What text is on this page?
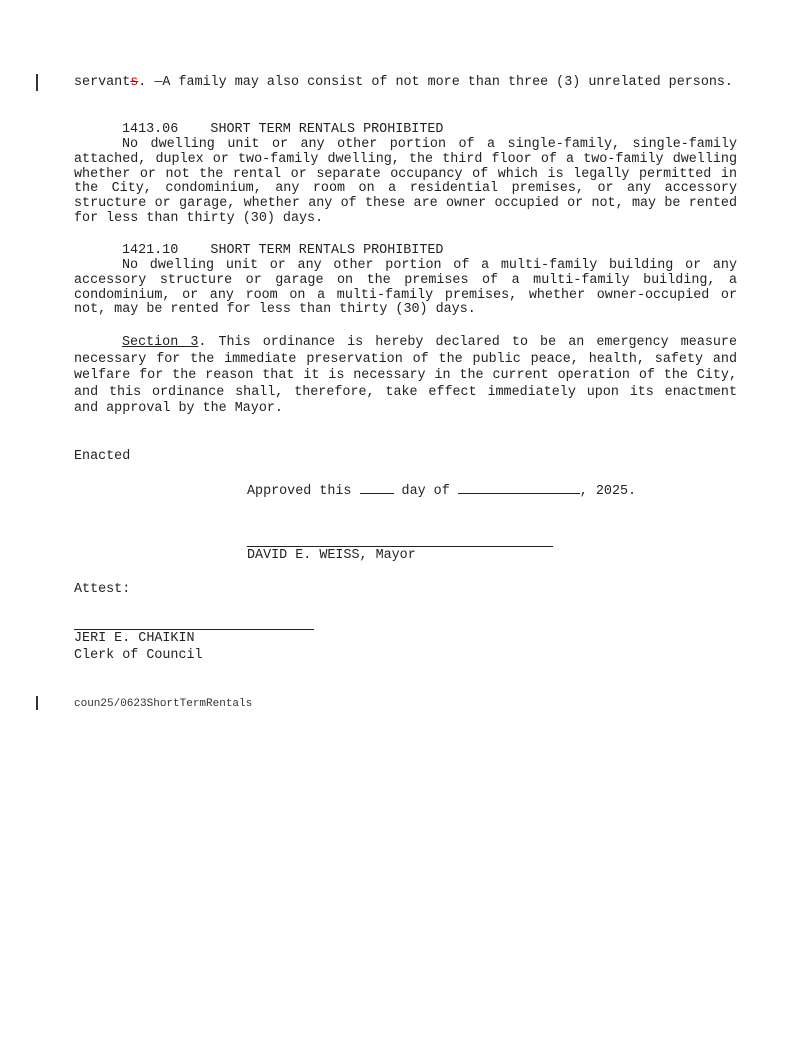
servants. —A family may also consist of not more than three (3) unrelated persons.

1413.06 SHORT TERM RENTALS PROHIBITED

No dwelling unit or any other portion of a single-family, single-family attached, duplex or two-family dwelling, the third floor of a two-family dwelling whether or not the rental or separate occupancy of which is legally permitted in the City, condominium, any room on a residential premises, or any accessory structure or garage, whether any of these are owner occupied or not, may be rented for less than thirty (30) days.

1421.10 SHORT TERM RENTALS PROHIBITED

No dwelling unit or any other portion of a multi-family building or any accessory structure or garage on the premises of a multi-family building, a condominium, or any room on a multi-family premises, whether owner-occupied or not, may be rented for less than thirty (30) days.

Section 3. This ordinance is hereby declared to be an emergency measure necessary for the immediate preservation of the public peace, health, safety and welfare for the reason that it is necessary in the current operation of the City, and this ordinance shall, therefore, take effect immediately upon its enactment and approval by the Mayor.

Enacted
Approved this	day of	, 2025.
DAVID E. WEISS, Mayor
Attest:
JERI E. CHAIKIN
Clerk of Council
coun25/0623ShortTermRentals
